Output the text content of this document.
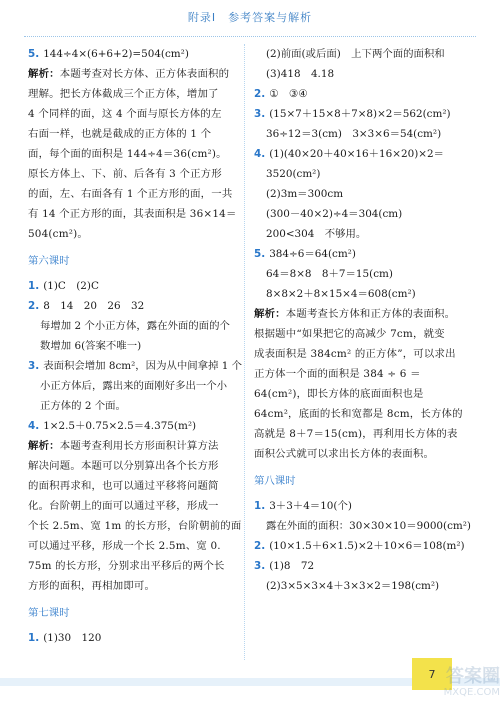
附录Ⅰ　参考答案与解析
5. 144÷4×(6+6+2)=504(cm²)
解析：本题考查对长方体、正方体表面积的
理解。把长方体截成三个正方体，增加了
4 个同样的面，这 4 个面与原长方体的左
右面一样，也就是截成的正方体的 1 个
面，每个面的面积是 144÷4＝36(cm²)。
原长方体上、下、前、后各有 3 个正方形
的面，左、右面各有 1 个正方形的面，一共
有 14 个正方形的面，其表面积是 36×14＝
504(cm²)。
第六课时
1. (1)C　(2)C
2. 8　14　20　26　32
每增加 2 个小正方体，露在外面的面的个
数增加 6(答案不唯一)
3. 表面积会增加 8cm²，因为从中间拿掉 1 个
小正方体后，露出来的面刚好多出一个小
正方体的 2 个面。
4. 1×2.5＋0.75×2.5＝4.375(m²)
解析：本题考查利用长方形面积计算方法
解决问题。本题可以分别算出各个长方形
的面积再求和，也可以通过平移将问题简
化。台阶朝上的面可以通过平移，形成一
个长 2.5m、宽 1m 的长方形，台阶朝前的面
可以通过平移，形成一个长 2.5m、宽 0.
75m 的长方形，分别求出平移后的两个长
方形的面积，再相加即可。
第七课时
1. (1)30　120
(2)前面(或后面)　上下两个面的面积和
(3)418　4.18
2. ①　③④
3. (15×7＋15×8＋7×8)×2＝562(cm²)
36÷12＝3(cm)　3×3×6＝54(cm²)
4. (1)(40×20＋40×16＋16×20)×2＝
3520(cm²)
(2)3m＝300cm
(300－40×2)÷4＝304(cm)
200<304　不够用。
5. 384÷6＝64(cm²)
64＝8×8　8＋7＝15(cm)
8×8×2＋8×15×4＝608(cm²)
解析：本题考查长方体和正方体的表面积。
根据题中“如果把它的高减少 7cm，就变
成表面积是 384cm² 的正方体”，可以求出
正方体一个面的面积是 384 ÷ 6 ＝
64(cm²)，即长方体的底面面积也是
64cm²，底面的长和宽都是 8cm，长方体的
高就是 8＋7＝15(cm)，再利用长方体的表
面积公式就可以求出长方体的表面积。
第八课时
1. 3＋3＋4＝10(个)
露在外面的面积：30×30×10＝9000(cm²)
2. (10×1.5＋6×1.5)×2＋10×6＝108(m²)
3. (1)8　72
(2)3×5×3×4＋3×3×2＝198(cm²)
7 答案圈
MXQE.COM
